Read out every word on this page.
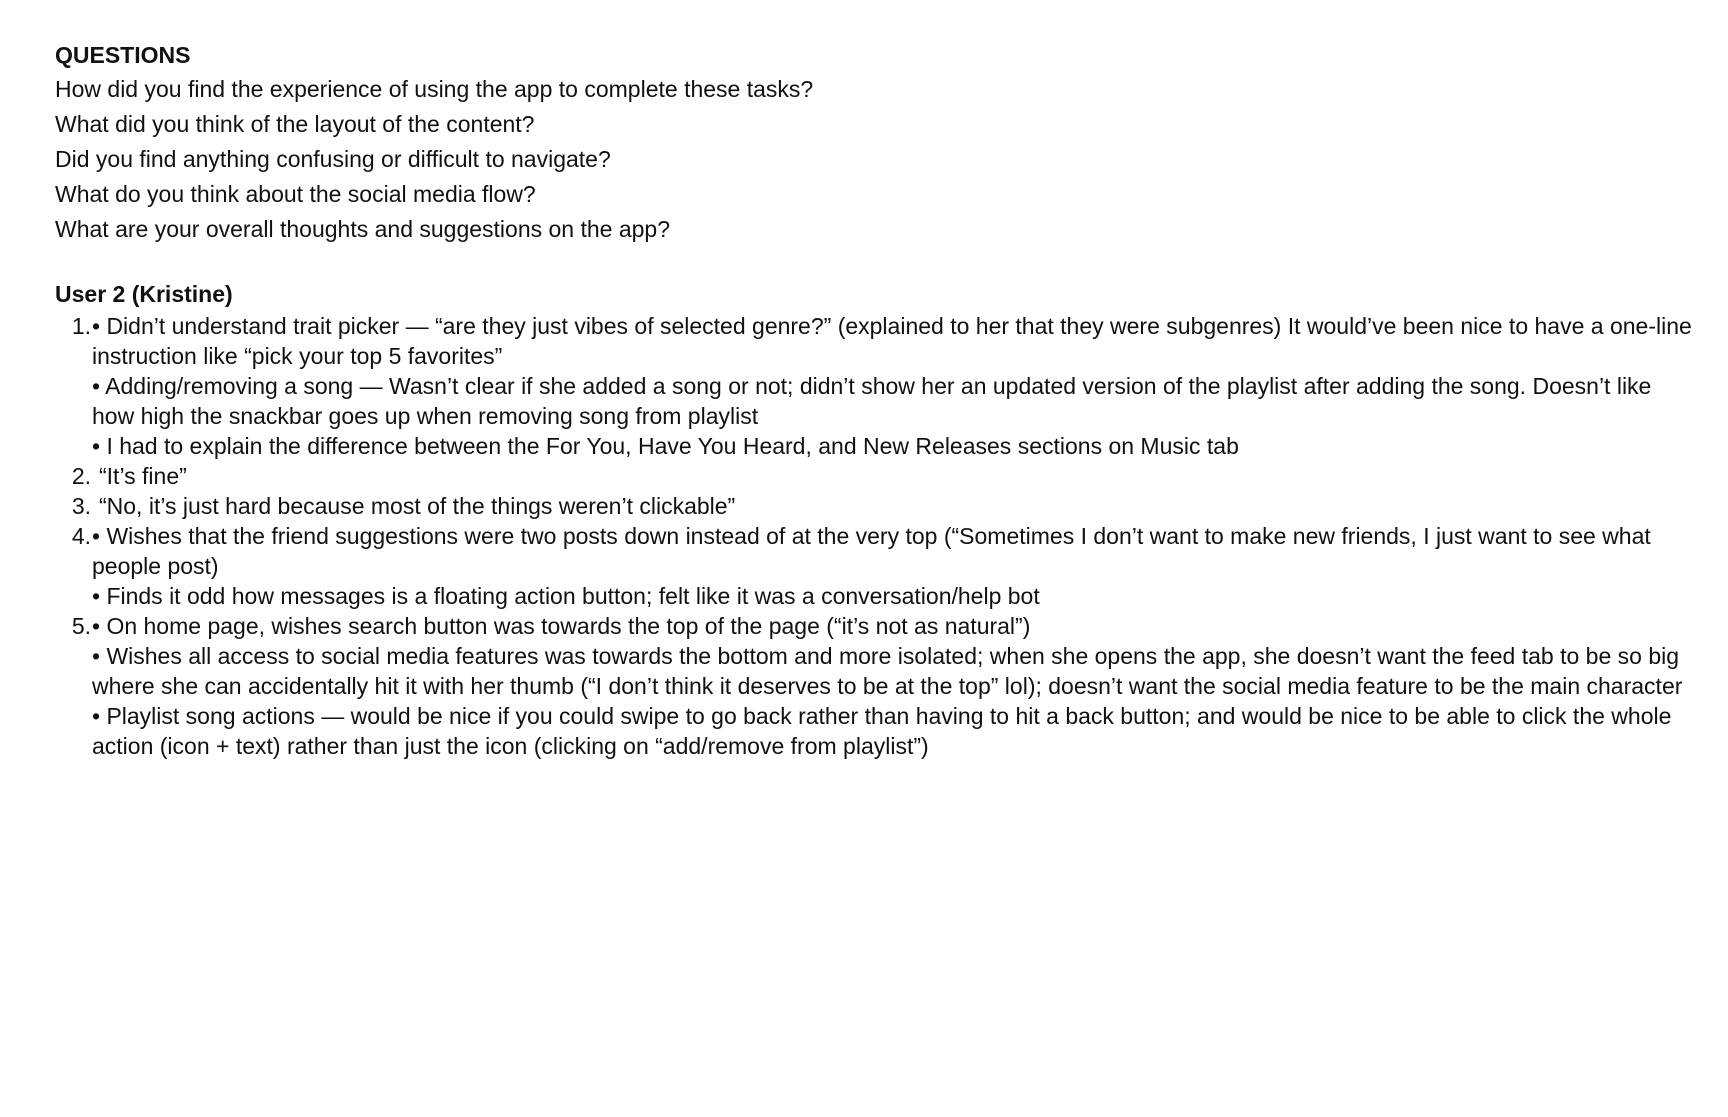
QUESTIONS

How did you find the experience of using the app to complete these tasks?

What did you think of the layout of the content?

Did you find anything confusing or difficult to navigate?

What do you think about the social media flow?

What are your overall thoughts and suggestions on the app?

User 2 (Kristine)
1. • Didn’t understand trait picker — “are they just vibes of selected genre?” (explained to her that they were subgenres) It would’ve been nice to have a one-line instruction like “pick your top 5 favorites”

• Adding/removing a song — Wasn’t clear if she added a song or not; didn’t show her an updated version of the playlist after adding the song. Doesn’t like how high the snackbar goes up when removing song from playlist

• I had to explain the difference between the For You, Have You Heard, and New Releases sections on Music tab

2. “It’s fine”

3. “No, it’s just hard because most of the things weren’t clickable”

4. • Wishes that the friend suggestions were two posts down instead of at the very top (“Sometimes I don’t want to make new friends, I just want to see what people post)

• Finds it odd how messages is a floating action button; felt like it was a conversation/help bot

5. • On home page, wishes search button was towards the top of the page (“it’s not as natural”)

• Wishes all access to social media features was towards the bottom and more isolated; when she opens the app, she doesn’t want the feed tab to be so big where she can accidentally hit it with her thumb (“I don’t think it deserves to be at the top” lol); doesn’t want the social media feature to be the main character

• Playlist song actions — would be nice if you could swipe to go back rather than having to hit a back button; and would be nice to be able to click the whole action (icon + text) rather than just the icon (clicking on “add/remove from playlist”)
